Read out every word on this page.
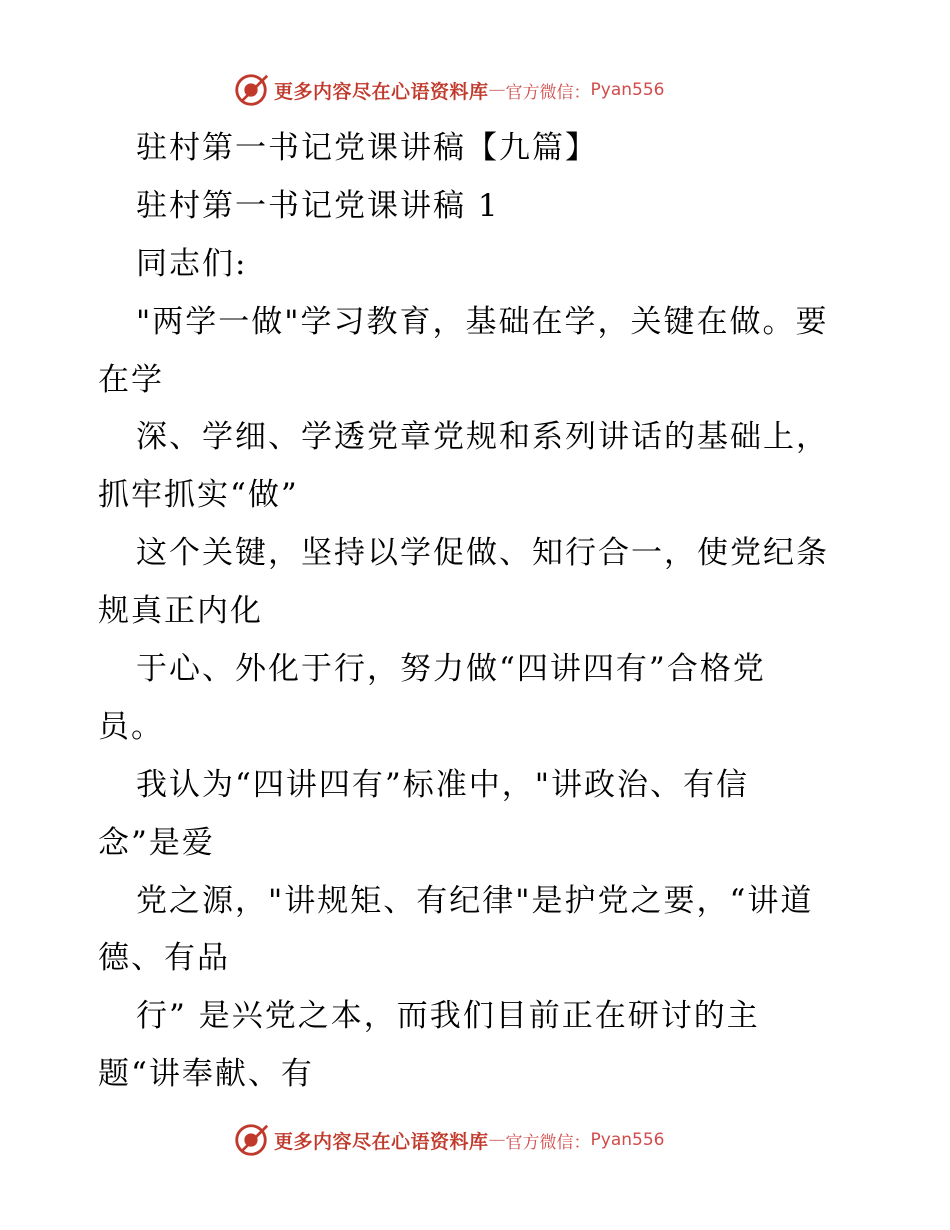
更多内容尽在心语资料库 — 官方微信： Pyan556
驻村第一书记党课讲稿【九篇】
驻村第一书记党课讲稿 1
同志们:
"两学一做"学习教育，基础在学，关键在做。要
在学
深、学细、学透党章党规和系列讲话的基础上，
抓牢抓实“做”
这个关键，坚持以学促做、知行合一，使党纪条
规真正内化
于心、外化于行，努力做“四讲四有”合格党
员。
我认为“四讲四有”标准中，"讲政治、有信
念”是爱
党之源，"讲规矩、有纪律"是护党之要，“讲道
德、有品
行” 是兴党之本，而我们目前正在研讨的主
题“讲奉献、有
更多内容尽在心语资料库 — 官方微信： Pyan556
